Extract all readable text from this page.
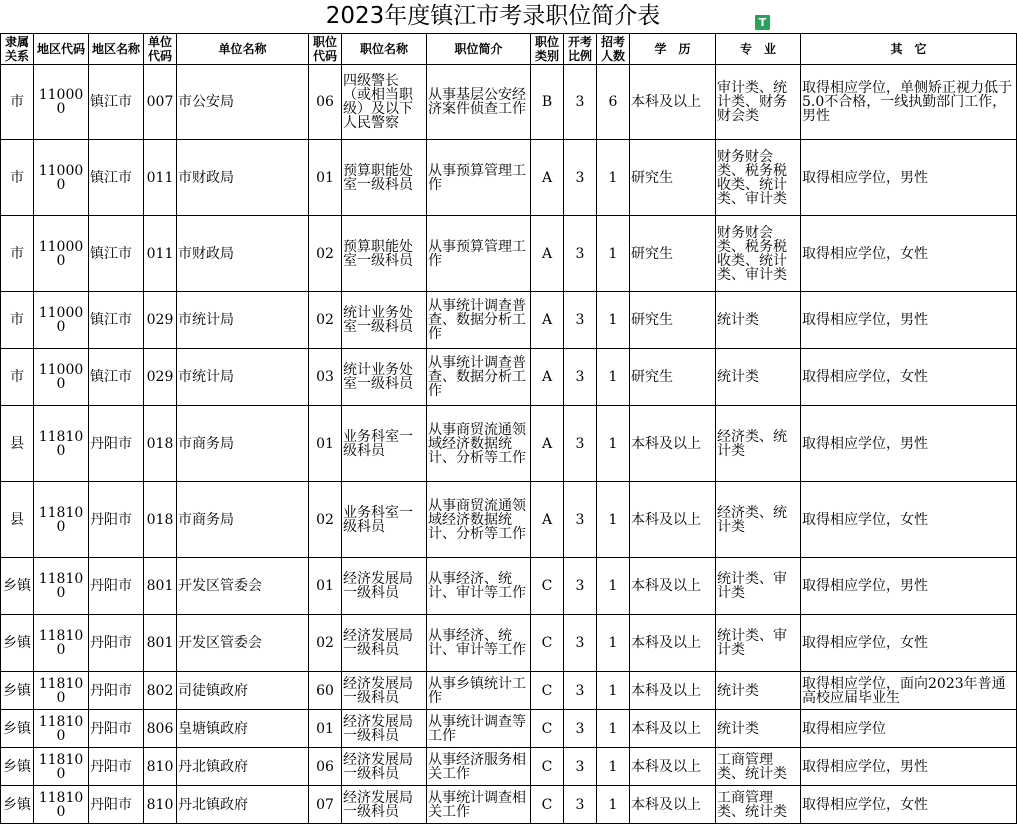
2023年度镇江市考录职位简介表	T
隶属关系	地区代码	地区名称	单位代码	单位名称	职位代码	职位名称	职位简介	职位类别	开考比例	招考人数	学　历	专　业	其　它

市	110000	镇江市	007	市公安局	06	四级警长（或相当职级）及以下人民警察	从事基层公安经济案件侦查工作	B	3	6	本科及以上	审计类、统计类、财务财会类	取得相应学位，单侧矫正视力低于5.0不合格，一线执勤部门工作，男性

市	110000	镇江市	011	市财政局	01	预算职能处室一级科员	从事预算管理工作	A	3	1	研究生	财务财会类、税务税收类、统计类、审计类	取得相应学位，男性

市	110000	镇江市	011	市财政局	02	预算职能处室一级科员	从事预算管理工作	A	3	1	研究生	财务财会类、税务税收类、统计类、审计类	取得相应学位，女性

市	110000	镇江市	029	市统计局	02	统计业务处室一级科员	从事统计调查普查、数据分析工作	A	3	1	研究生	统计类	取得相应学位，男性

市	110000	镇江市	029	市统计局	03	统计业务处室一级科员	从事统计调查普查、数据分析工作	A	3	1	研究生	统计类	取得相应学位，女性

县	118100	丹阳市	018	市商务局	01	业务科室一级科员	从事商贸流通领域经济数据统计、分析等工作	A	3	1	本科及以上	经济类、统计类	取得相应学位，男性

县	118100	丹阳市	018	市商务局	02	业务科室一级科员	从事商贸流通领域经济数据统计、分析等工作	A	3	1	本科及以上	经济类、统计类	取得相应学位，女性

乡镇	118100	丹阳市	801	开发区管委会	01	经济发展局一级科员	从事经济、统计、审计等工作	C	3	1	本科及以上	统计类、审计类	取得相应学位，男性

乡镇	118100	丹阳市	801	开发区管委会	02	经济发展局一级科员	从事经济、统计、审计等工作	C	3	1	本科及以上	统计类、审计类	取得相应学位，女性

乡镇	118100	丹阳市	802	司徒镇政府	60	经济发展局一级科员	从事乡镇统计工作	C	3	1	本科及以上	统计类	取得相应学位，面向2023年普通高校应届毕业生

乡镇	118100	丹阳市	806	皇塘镇政府	01	经济发展局一级科员	从事统计调查等工作	C	3	1	本科及以上	统计类	取得相应学位

乡镇	118100	丹阳市	810	丹北镇政府	06	经济发展局一级科员	从事经济服务相关工作	C	3	1	本科及以上	工商管理类、统计类	取得相应学位，男性

乡镇	118100	丹阳市	810	丹北镇政府	07	经济发展局一级科员	从事统计调查相关工作	C	3	1	本科及以上	工商管理类、统计类	取得相应学位，女性
